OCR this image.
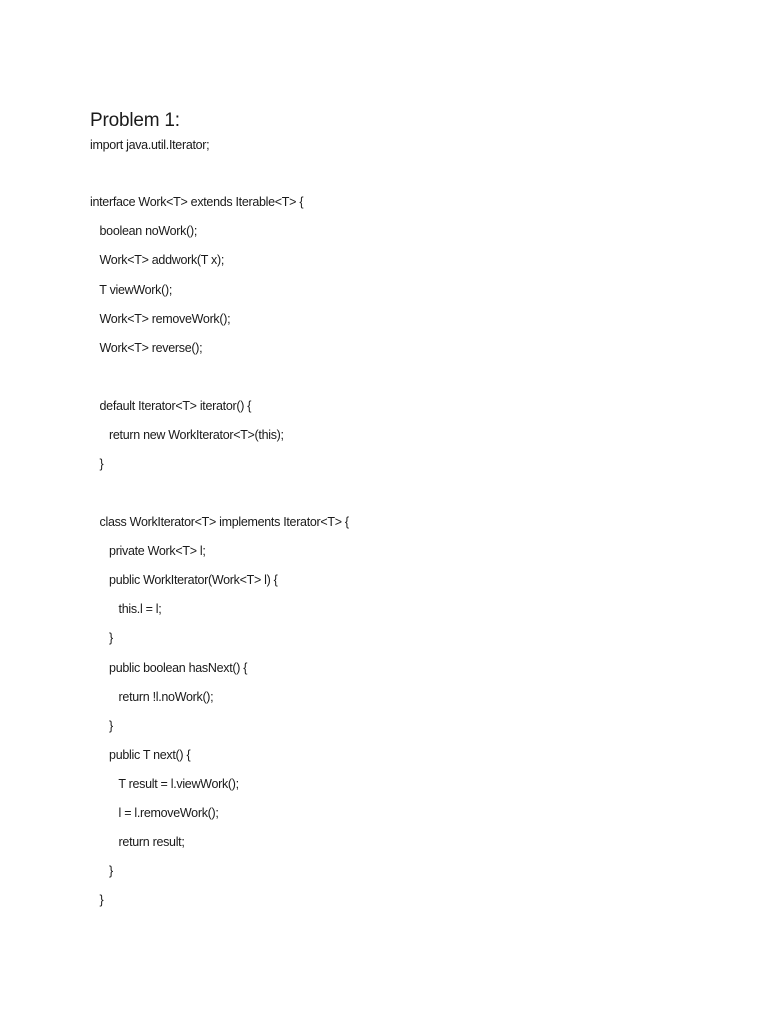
Problem 1:
import java.util.Iterator;
interface Work<T> extends Iterable<T> {
boolean noWork();
Work<T> addwork(T x);
T viewWork();
Work<T> removeWork();
Work<T> reverse();
default Iterator<T> iterator() {
return new WorkIterator<T>(this);
}
class WorkIterator<T> implements Iterator<T> {
private Work<T> l;
public WorkIterator(Work<T> l) {
this.l = l;
}
public boolean hasNext() {
return !l.noWork();
}
public T next() {
T result = l.viewWork();
l = l.removeWork();
return result;
}
}
